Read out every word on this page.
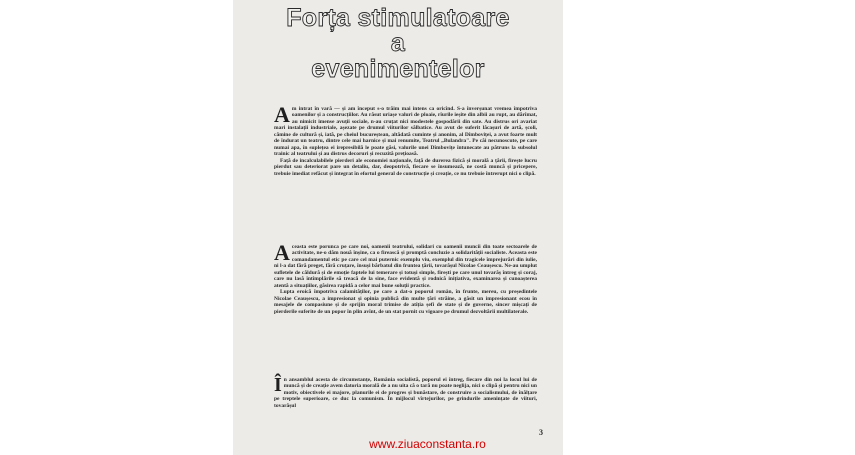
Forța stimulatoare
a
evenimentelor

Am intrat în vară — și am început s-o trăim mai intens ca oricînd. S-a înverșunat vremea împotriva oamenilor și a construcțiilor. Au răsut uriașe valuri de ploaie, rîurile ieșite din albii au rupt, au dărîmat, au nimicit imense avuții sociale, n-au cruțat nici modestele gospodării din sate. Au distrus ori avariat mari instalații industriale, așezate pe drumul viiturilor sălbatice. Au avut de suferit lăcașuri de artă, școli, cămine de cultură și, iată, pe cheiul bucureștean, altădată cuminte și anonim, al Dîmboviței, a avut foarte mult de îndurat un teatru, dintre cele mai harnice și mai renumite, Teatrul „Bulandra". Pe căi necunoscute, pe care numai apa, în suplețea ei irepresibilă le poate găsi, valurile unei Dîmbovițe întunecate au pătruns la subsolul trainic al teatrului și au distrus decoruri și recuzită prețioasă.

Față de incalculabilele pierderi ale economiei naționale, față de durerea fizică și morală a țării, firește lucru pierdut sau deteriorat pare un detaliu, dar, deopotrivă, fiecare se însumează, ne costă muncă și pricepere, trebuie imediat refăcut și integrat în efortul general de construcție și creație, ce nu trebuie întrerupt nici o clipă.

Aceasta este porunca pe care noi, oamenii teatrului, solidari cu oamenii muncii din toate sectoarele de activitate, ne-o dăm nouă înșine, ca o firească și promptă concluzie a solidarității socialiste. Aceasta este comandamentul etic pe care cel mai puternic exemplu viu, exemplul din tragicele împrejurări din iulie, ni l-a dat fără preget, fără cruțare, însuși bărbatul din fruntea țării, tovarășul Nicolae Ceaușescu. Ne-au umplut sufletele de căldură și de emoție faptele lui temerare și totuși simple, firești pe care unul tovarăș întreg și coraj, care nu lasă întîmplările să treacă de la sine, face evidentă și rodnică inițiativa, examinarea și cunoașterea atentă a situațiilor, găsirea rapidă a celor mai bune soluții practice.

Lupta eroică împotriva calamităților, pe care a dat-o poporul român, în frunte, mereu, cu președintele Nicolae Ceaușescu, a impresionat și opinia publică din multe țări străine, a găsit un impresionant ecou în mesajele de compasiune și de sprijin moral trimise de atîția șefi de state și de guverne, sincer mișcați de pierderile suferite de un popor în plin avînt, de un stat pornit cu vigoare pe drumul dezvoltării multilaterale.

În ansamblul acesta de circumstanțe, România socialistă, poporul ei întreg, fiecare din noi la locul lui de muncă și de creație avem datoria morală de a nu uita că o tară nu poate neglija, nici o clipă și pentru nici un motiv, obiectivele ei majore, planurile ei de progres și bunăstare, de construire a socialismului, de înălțare pe treptele superioare, ce duc la comunism. În mijlocul vîrtejurilor, pe grindurile amenințate de viituri, tovarășul

3
www.ziuaconstanta.ro
